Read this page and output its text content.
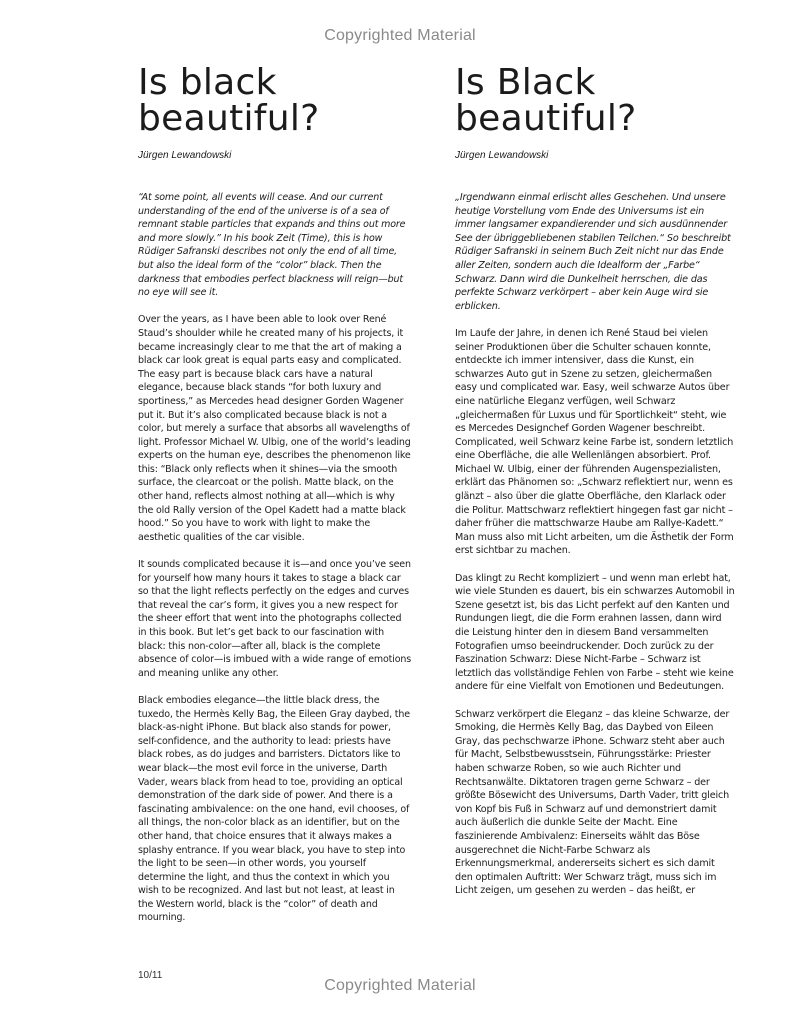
Copyrighted Material
Is black
beautiful?
Jürgen Lewandowski

“At some point, all events will cease. And our current understanding of the end of the universe is of a sea of remnant stable particles that expands and thins out more and more slowly.” In his book Zeit (Time), this is how Rüdiger Safranski describes not only the end of all time, but also the ideal form of the “color” black. Then the darkness that embodies perfect blackness will reign—but no eye will see it.

Over the years, as I have been able to look over René Staud’s shoulder while he created many of his projects, it became increasingly clear to me that the art of making a black car look great is equal parts easy and complicated. The easy part is because black cars have a natural elegance, because black stands “for both luxury and sportiness,” as Mercedes head designer Gorden Wagener put it. But it’s also complicated because black is not a color, but merely a surface that absorbs all wavelengths of light. Professor Michael W. Ulbig, one of the world’s leading experts on the human eye, describes the phenomenon like this: “Black only reflects when it shines—via the smooth surface, the clearcoat or the polish. Matte black, on the other hand, reflects almost nothing at all—which is why the old Rally version of the Opel Kadett had a matte black hood.” So you have to work with light to make the aesthetic qualities of the car visible.

It sounds complicated because it is—and once you’ve seen for yourself how many hours it takes to stage a black car so that the light reflects perfectly on the edges and curves that reveal the car’s form, it gives you a new respect for the sheer effort that went into the photographs collected in this book. But let’s get back to our fascination with black: this non-color—after all, black is the complete absence of color—is imbued with a wide range of emotions and meaning unlike any other.

Black embodies elegance—the little black dress, the tuxedo, the Hermès Kelly Bag, the Eileen Gray daybed, the black-as-night iPhone. But black also stands for power, self-confidence, and the authority to lead: priests have black robes, as do judges and barristers. Dictators like to wear black—the most evil force in the universe, Darth Vader, wears black from head to toe, providing an optical demonstration of the dark side of power. And there is a fascinating ambivalence: on the one hand, evil chooses, of all things, the non-color black as an identifier, but on the other hand, that choice ensures that it always makes a splashy entrance. If you wear black, you have to step into the light to be seen—in other words, you yourself determine the light, and thus the context in which you wish to be recognized. And last but not least, at least in the Western world, black is the “color” of death and mourning.

Is Black
beautiful?
Jürgen Lewandowski

„Irgendwann einmal erlischt alles Geschehen. Und unsere heutige Vorstellung vom Ende des Universums ist ein immer langsamer expandierender und sich ausdünnender See der übriggebliebenen stabilen Teilchen.“ So beschreibt Rüdiger Safranski in seinem Buch Zeit nicht nur das Ende aller Zeiten, sondern auch die Idealform der „Farbe“ Schwarz. Dann wird die Dunkelheit herrschen, die das perfekte Schwarz verkörpert – aber kein Auge wird sie erblicken.

Im Laufe der Jahre, in denen ich René Staud bei vielen seiner Produktionen über die Schulter schauen konnte, entdeckte ich immer intensiver, dass die Kunst, ein schwarzes Auto gut in Szene zu setzen, gleichermaßen easy und complicated war. Easy, weil schwarze Autos über eine natürliche Eleganz verfügen, weil Schwarz „gleichermaßen für Luxus und für Sportlichkeit“ steht, wie es Mercedes Designchef Gorden Wagener beschreibt. Complicated, weil Schwarz keine Farbe ist, sondern letztlich eine Oberfläche, die alle Wellenlängen absorbiert. Prof. Michael W. Ulbig, einer der führenden Augenspezialisten, erklärt das Phänomen so: „Schwarz reflektiert nur, wenn es glänzt – also über die glatte Oberfläche, den Klarlack oder die Politur. Mattschwarz reflektiert hingegen fast gar nicht – daher früher die mattschwarze Haube am Rallye-Kadett.“ Man muss also mit Licht arbeiten, um die Ästhetik der Form erst sichtbar zu machen.

Das klingt zu Recht kompliziert – und wenn man erlebt hat, wie viele Stunden es dauert, bis ein schwarzes Automobil in Szene gesetzt ist, bis das Licht perfekt auf den Kanten und Rundungen liegt, die die Form erahnen lassen, dann wird die Leistung hinter den in diesem Band versammelten Fotografien umso beeindruckender. Doch zurück zu der Faszination Schwarz: Diese Nicht-Farbe – Schwarz ist letztlich das vollständige Fehlen von Farbe – steht wie keine andere für eine Vielfalt von Emotionen und Bedeutungen.

Schwarz verkörpert die Eleganz – das kleine Schwarze, der Smoking, die Hermès Kelly Bag, das Daybed von Eileen Gray, das pechschwarze iPhone. Schwarz steht aber auch für Macht, Selbstbewusstsein, Führungsstärke: Priester haben schwarze Roben, so wie auch Richter und Rechtsanwälte. Diktatoren tragen gerne Schwarz – der größte Bösewicht des Universums, Darth Vader, tritt gleich von Kopf bis Fuß in Schwarz auf und demonstriert damit auch äußerlich die dunkle Seite der Macht. Eine faszinierende Ambivalenz: Einerseits wählt das Böse ausgerechnet die Nicht-Farbe Schwarz als Erkennungsmerkmal, andererseits sichert es sich damit den optimalen Auftritt: Wer Schwarz trägt, muss sich im Licht zeigen, um gesehen zu werden – das heißt, er

10/11
Copyrighted Material
